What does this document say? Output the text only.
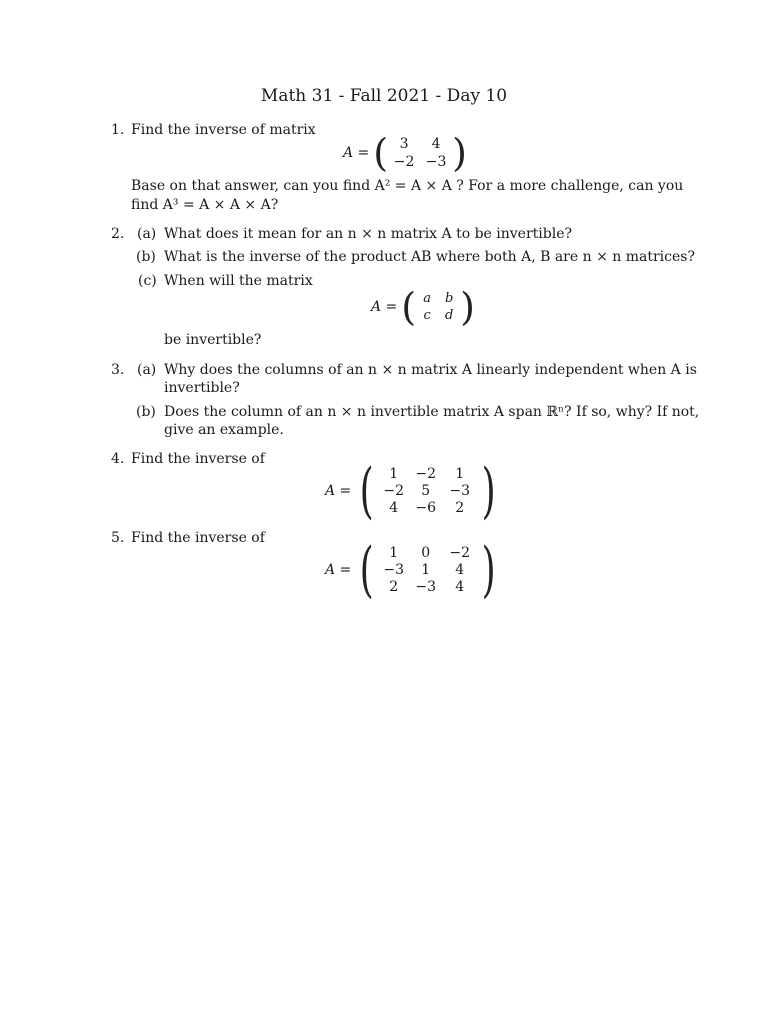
Math 31 - Fall 2021 - Day 10
1. Find the inverse of matrix
A = ( 3	4
−2 −3 )
Base on that answer, can you find A² = A × A ? For a more challenge, can you
find A³ = A × A × A?
2. (a) What does it mean for an n × n matrix A to be invertible?
(b) What is the inverse of the product AB where both A, B are n × n matrices?
(c) When will the matrix
A = ( a	b
c	d )
be invertible?
3. (a) Why does the columns of an n × n matrix A linearly independent when A is
invertible?
(b) Does the column of an n × n invertible matrix A span ℝⁿ? If so, why? If not,
give an example.
4. Find the inverse of
A = (	1	−2	1
−2	5	−3
4	−6	2 )
5. Find the inverse of
A = (	1	0	−2
−3	1	4
2	−3	4 )
